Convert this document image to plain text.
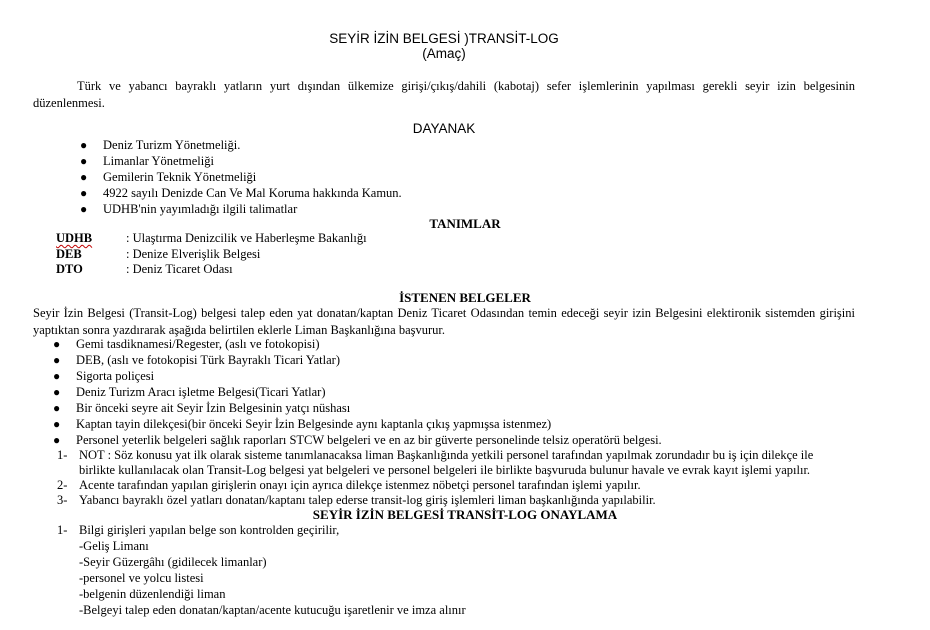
SEYİR İZİN BELGESİ )TRANSİT-LOG
(Amaç)
Türk ve yabancı bayraklı yatların yurt dışından ülkemize girişi/çıkış/dahili (kabotaj) sefer işlemlerinin yapılması gerekli seyir izin belgesinin düzenlenmesi.
DAYANAK
● Deniz Turizm Yönetmeliği.
● Limanlar Yönetmeliği
● Gemilerin Teknik Yönetmeliği
● 4922 sayılı Denizde Can Ve Mal Koruma hakkında Kamun.
● UDHB'nin yayımladığı ilgili talimatlar
TANIMLAR
UDHB	: Ulaştırma Denizcilik ve Haberleşme Bakanlığı
DEB	: Denize Elverişlik Belgesi
DTO	: Deniz Ticaret Odası
İSTENEN BELGELER
Seyir İzin Belgesi (Transit-Log) belgesi talep eden yat donatan/kaptan Deniz Ticaret Odasından temin edeceği seyir izin Belgesini elektironik sistemden girişini yaptıktan sonra yazdırarak aşağıda belirtilen eklerle Liman Başkanlığına başvurur.
● Gemi tasdiknamesi/Regester, (aslı ve fotokopisi)
● DEB, (aslı ve fotokopisi Türk Bayraklı Ticari Yatlar)
● Sigorta poliçesi
● Deniz Turizm Aracı işletme Belgesi(Ticari Yatlar)
● Bir önceki seyre ait Seyir İzin Belgesinin yatçı nüshası
● Kaptan tayin dilekçesi(bir önceki Seyir İzin Belgesinde aynı kaptanla çıkış yapmışsa istenmez)
● Personel yeterlik belgeleri sağlık raporları STCW belgeleri ve en az bir güverte personelinde telsiz operatörü belgesi.
1- NOT : Söz konusu yat ilk olarak sisteme tanımlanacaksa liman Başkanlığında yetkili personel tarafından yapılmak zorundadır bu iş için dilekçe ile
birlikte kullanılacak olan Transit-Log belgesi yat belgeleri ve personel belgeleri ile birlikte başvuruda bulunur havale ve evrak kayıt işlemi yapılır.
2- Acente tarafından yapılan girişlerin onayı için ayrıca dilekçe istenmez nöbetçi personel tarafından işlemi yapılır.
3- Yabancı bayraklı özel yatları donatan/kaptanı talep ederse transit-log giriş işlemleri liman başkanlığında yapılabilir.
SEYİR İZİN BELGESİ TRANSİT-LOG ONAYLAMA
1- Bilgi girişleri yapılan belge son kontrolden geçirilir,
-Geliş Limanı
-Seyir Güzergâhı (gidilecek limanlar)
-personel ve yolcu listesi
-belgenin düzenlendiği liman
-Belgeyi talep eden donatan/kaptan/acente kutucuğu işaretlenir ve imza alınır
